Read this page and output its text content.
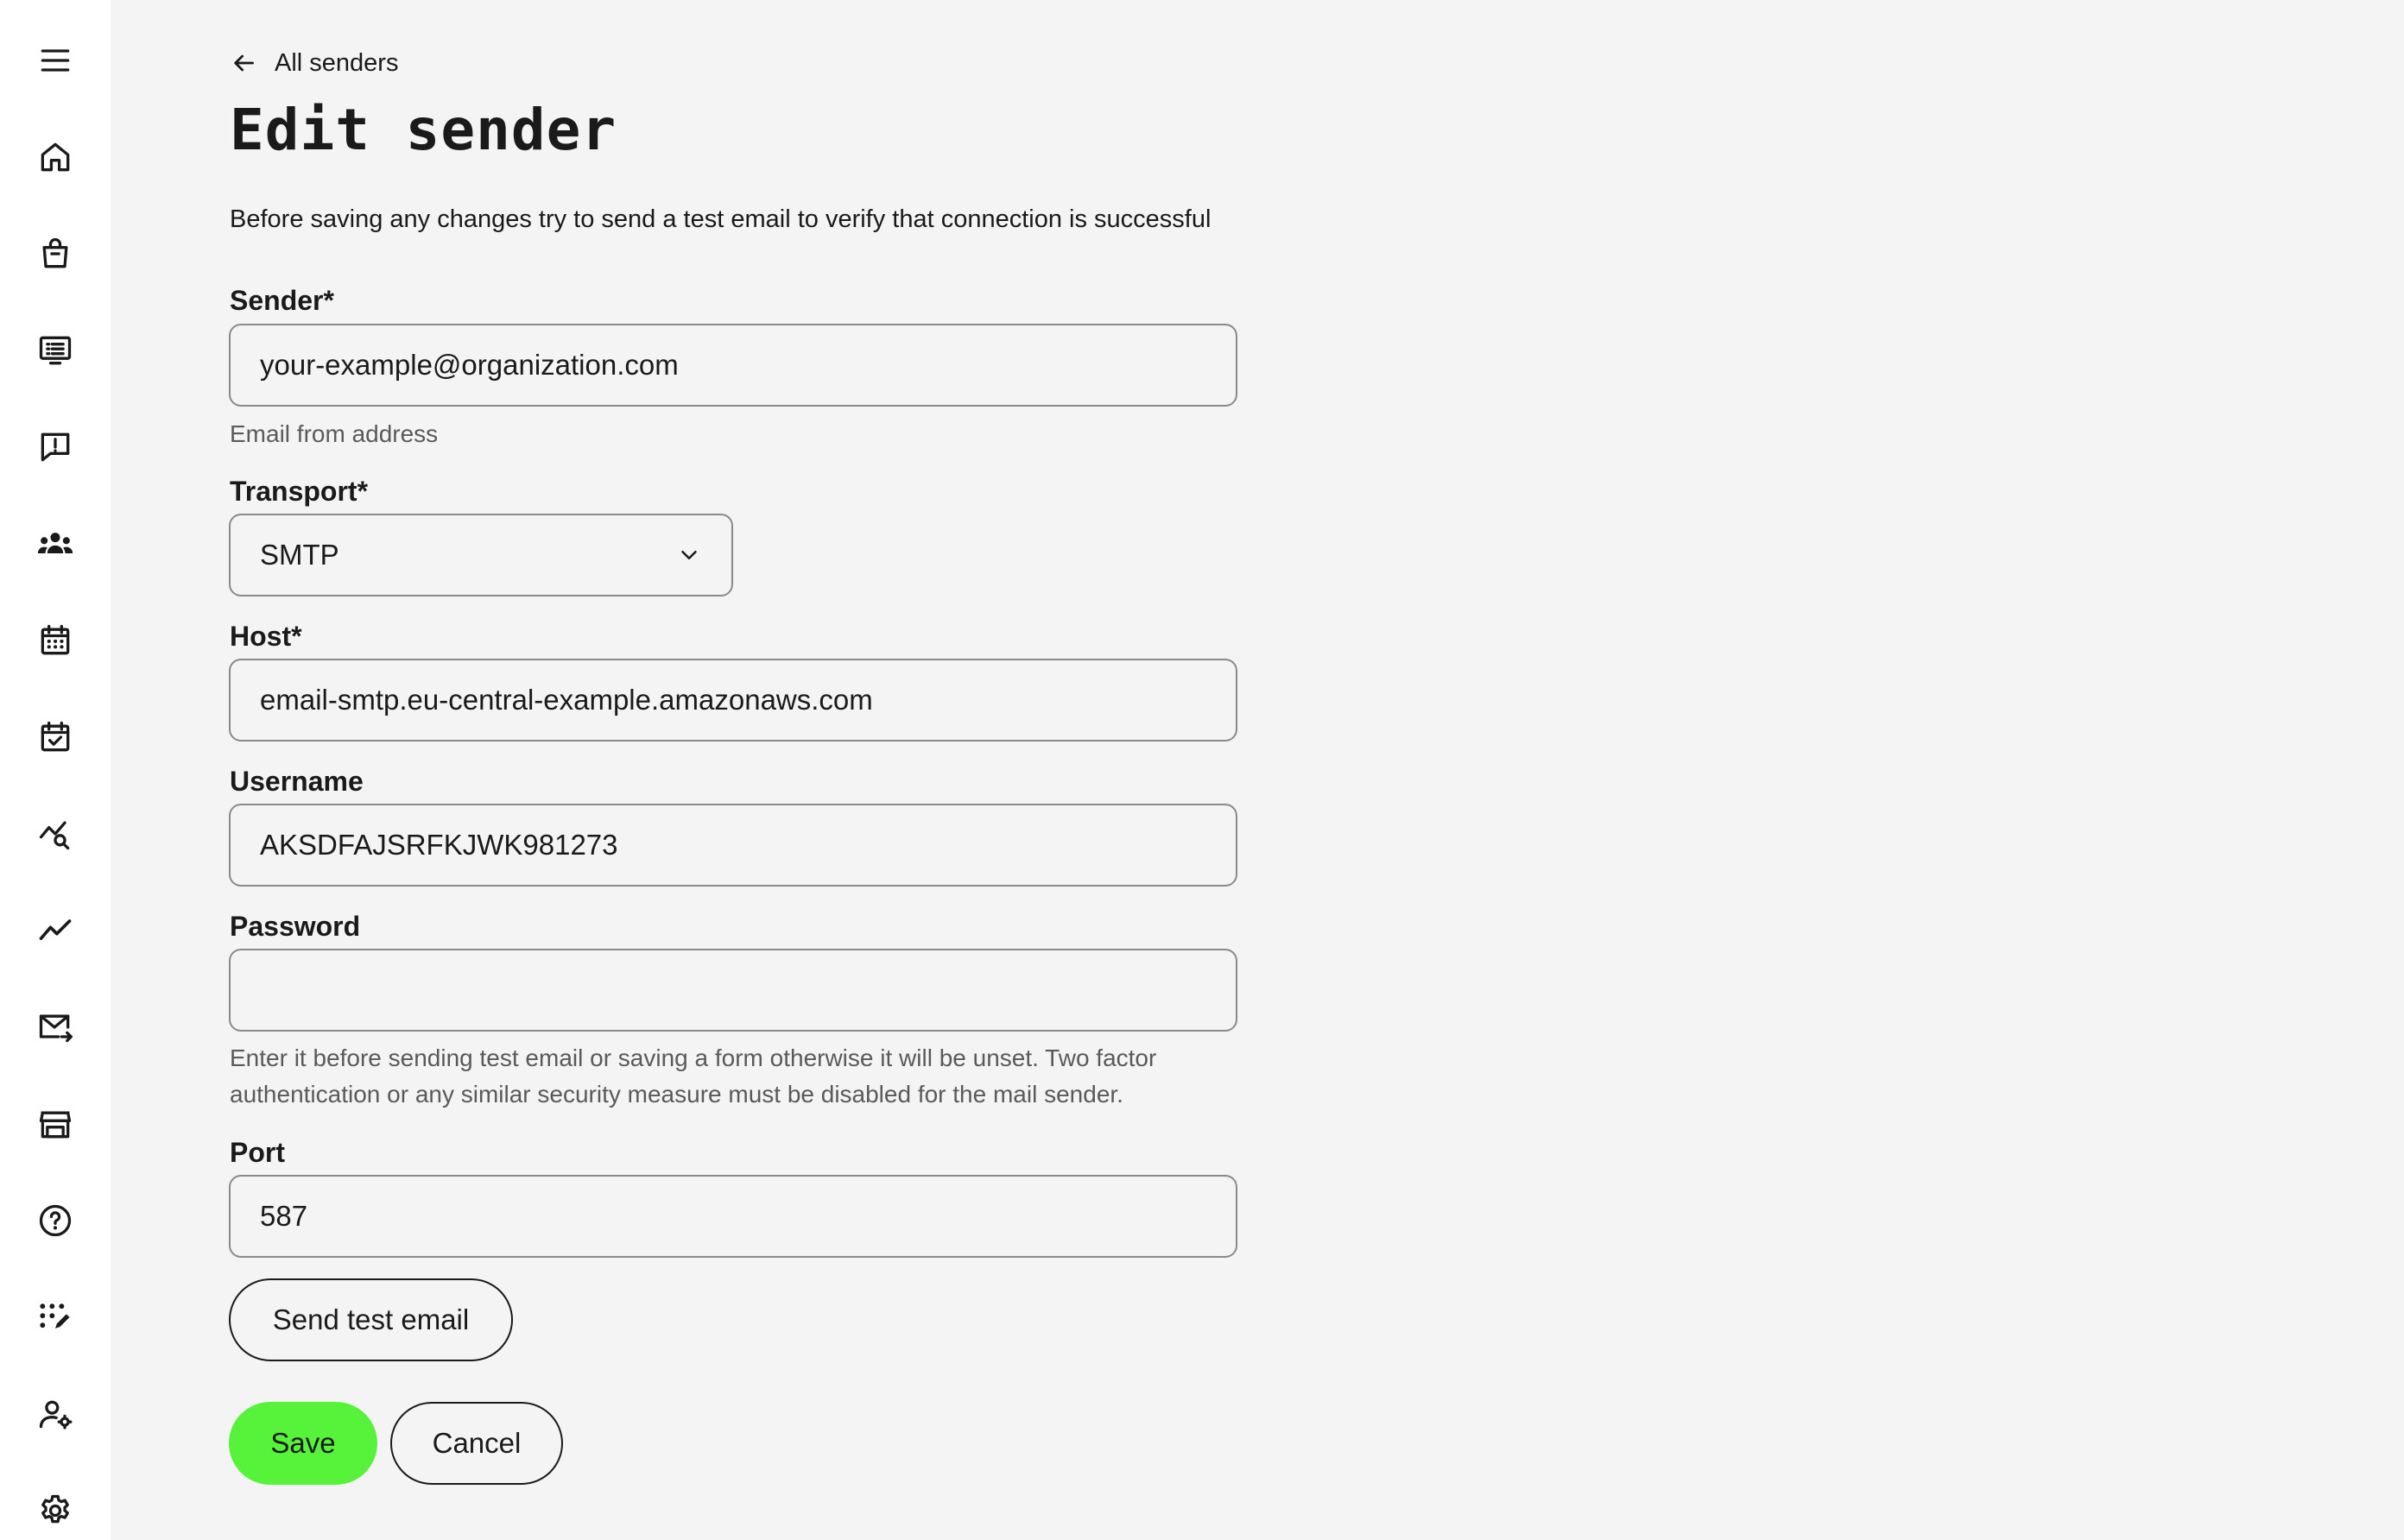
All senders
Edit sender

Before saving any changes try to send a test email to verify that connection is successful

Sender*
your-example@organization.com
Email from address
Transport*
SMTP
Host*
email-smtp.eu-central-example.amazonaws.com
Username
AKSDFAJSRFKJWK981273
Password
Enter it before sending test email or saving a form otherwise it will be unset. Two factor
authentication or any similar security measure must be disabled for the mail sender.
Port
587
Send test email
Save	Cancel
